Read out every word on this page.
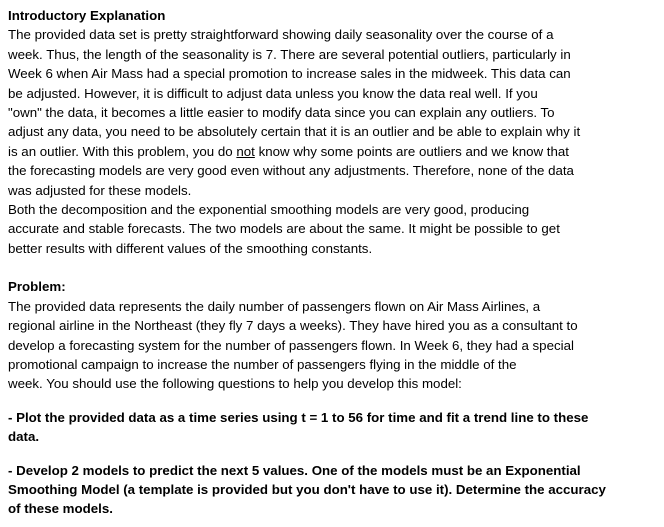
Introductory Explanation
The provided data set is pretty straightforward showing daily seasonality over the course of a
week. Thus, the length of the seasonality is 7. There are several potential outliers, particularly in
Week 6 when Air Mass had a special promotion to increase sales in the midweek. This data can
be adjusted. However, it is difficult to adjust data unless you know the data real well. If you
"own" the data, it becomes a little easier to modify data since you can explain any outliers. To
adjust any data, you need to be absolutely certain that it is an outlier and be able to explain why it
is an outlier. With this problem, you do not know why some points are outliers and we know that
the forecasting models are very good even without any adjustments. Therefore, none of the data
was adjusted for these models.
Both the decomposition and the exponential smoothing models are very good, producing
accurate and stable forecasts. The two models are about the same. It might be possible to get
better results with different values of the smoothing constants.
Problem:
The provided data represents the daily number of passengers flown on Air Mass Airlines, a
regional airline in the Northeast (they fly 7 days a weeks). They have hired you as a consultant to
develop a forecasting system for the number of passengers flown. In Week 6, they had a special
promotional campaign to increase the number of passengers flying in the middle of the
week. You should use the following questions to help you develop this model:
- Plot the provided data as a time series using t = 1 to 56 for time and fit a trend line to these
data.
- Develop 2 models to predict the next 5 values. One of the models must be an Exponential
Smoothing Model (a template is provided but you don't have to use it). Determine the accuracy
of these models.
